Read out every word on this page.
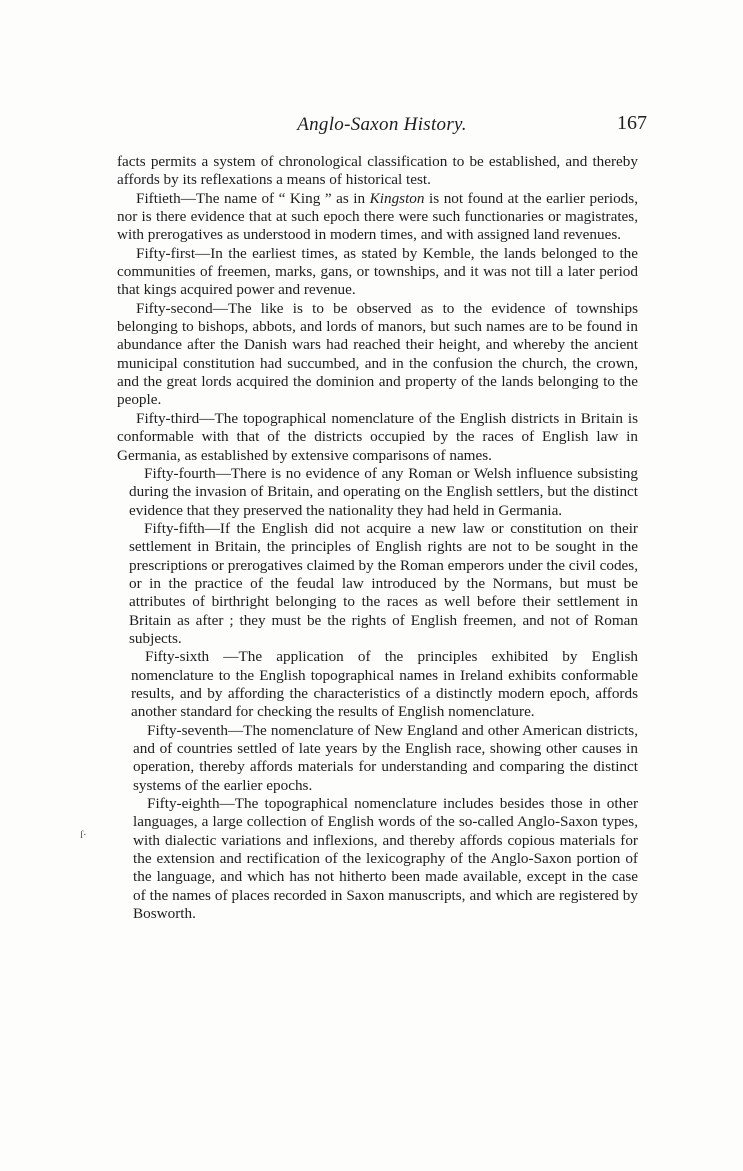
Anglo-Saxon History.	167
ſ·

facts permits a system of chronological classification to be established, and thereby affords by its reflexations a means of historical test.

Fiftieth—The name of “ King ” as in Kingston is not found at the earlier periods, nor is there evidence that at such epoch there were such functionaries or magistrates, with prerogatives as understood in modern times, and with assigned land revenues.

Fifty-first—In the earliest times, as stated by Kemble, the lands belonged to the communities of freemen, marks, gans, or townships, and it was not till a later period that kings acquired power and revenue.

Fifty-second—The like is to be observed as to the evidence of townships belonging to bishops, abbots, and lords of manors, but such names are to be found in abundance after the Danish wars had reached their height, and whereby the ancient municipal constitution had succumbed, and in the confusion the church, the crown, and the great lords acquired the dominion and property of the lands belonging to the people.

Fifty-third—The topographical nomenclature of the English districts in Britain is conformable with that of the districts occupied by the races of English law in Germania, as established by extensive comparisons of names.

Fifty-fourth—There is no evidence of any Roman or Welsh influence subsisting during the invasion of Britain, and operating on the English settlers, but the distinct evidence that they preserved the nationality they had held in Germania.

Fifty-fifth—If the English did not acquire a new law or constitution on their settlement in Britain, the principles of English rights are not to be sought in the prescriptions or prerogatives claimed by the Roman emperors under the civil codes, or in the practice of the feudal law introduced by the Normans, but must be attributes of birthright belonging to the races as well before their settlement in Britain as after ; they must be the rights of English freemen, and not of Roman subjects.

Fifty-sixth —The application of the principles exhibited by English nomenclature to the English topographical names in Ireland exhibits conformable results, and by affording the characteristics of a distinctly modern epoch, affords another standard for checking the results of English nomenclature.

Fifty-seventh—The nomenclature of New England and other American districts, and of countries settled of late years by the English race, showing other causes in operation, thereby affords materials for understanding and comparing the distinct systems of the earlier epochs.

Fifty-eighth—The topographical nomenclature includes besides those in other languages, a large collection of English words of the so-called Anglo-Saxon types, with dialectic variations and inflexions, and thereby affords copious materials for the extension and rectification of the lexicography of the Anglo-Saxon portion of the language, and which has not hitherto been made available, except in the case of the names of places recorded in Saxon manuscripts, and which are registered by Bosworth.
